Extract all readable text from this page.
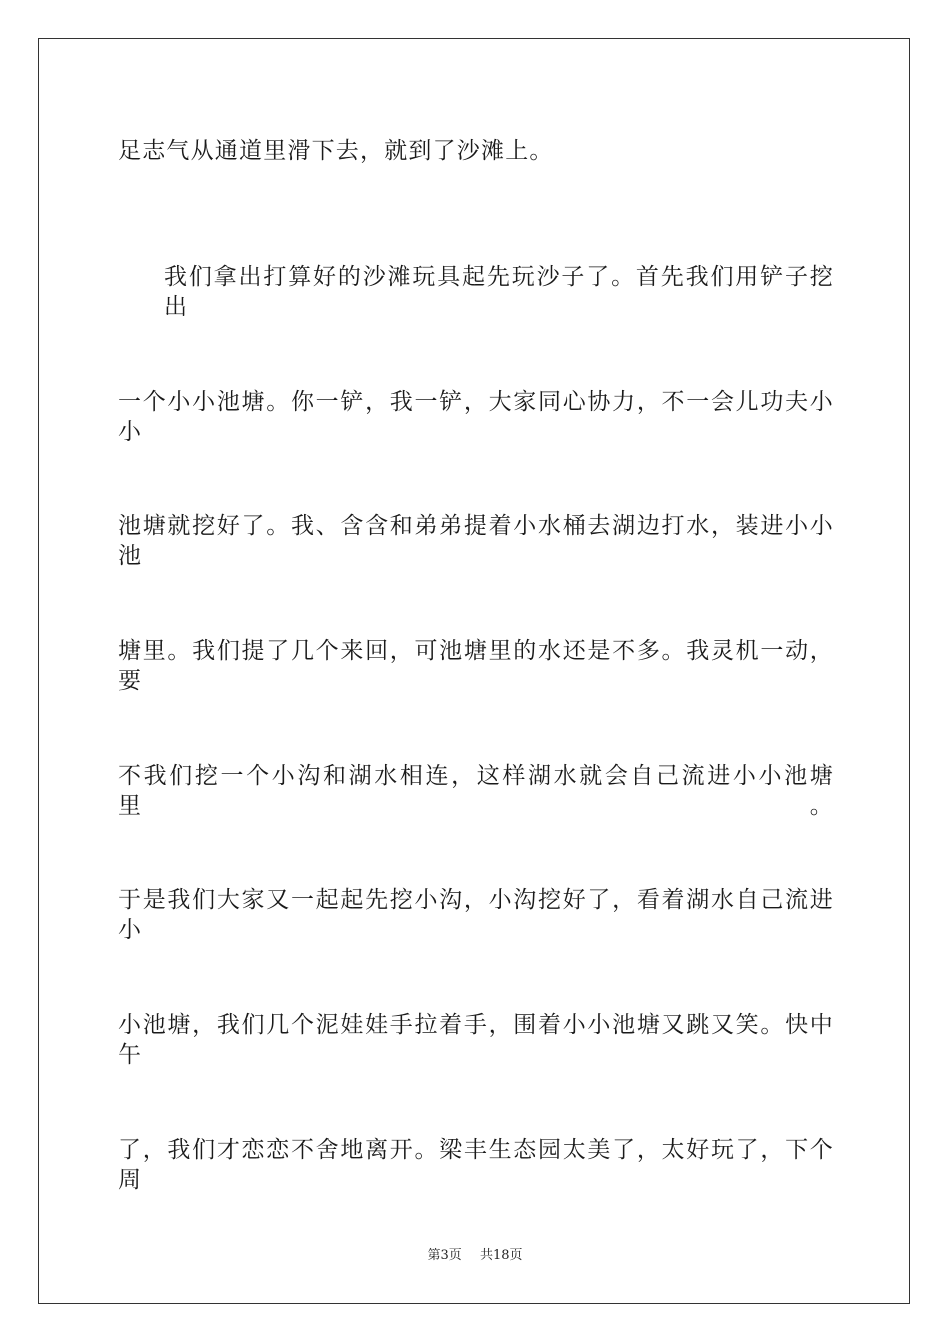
足志气从通道里滑下去，就到了沙滩上。
我们拿出打算好的沙滩玩具起先玩沙子了。首先我们用铲子挖出
一个小小池塘。你一铲，我一铲，大家同心协力，不一会儿功夫小小
池塘就挖好了。我、含含和弟弟提着小水桶去湖边打水，装进小小池
塘里。我们提了几个来回，可池塘里的水还是不多。我灵机一动，要
不我们挖一个小沟和湖水相连，这样湖水就会自己流进小小池塘里。
于是我们大家又一起起先挖小沟，小沟挖好了，看着湖水自己流进小
小池塘，我们几个泥娃娃手拉着手，围着小小池塘又跳又笑。快中午
了，我们才恋恋不舍地离开。梁丰生态园太美了，太好玩了，下个周
第3页 共18页
